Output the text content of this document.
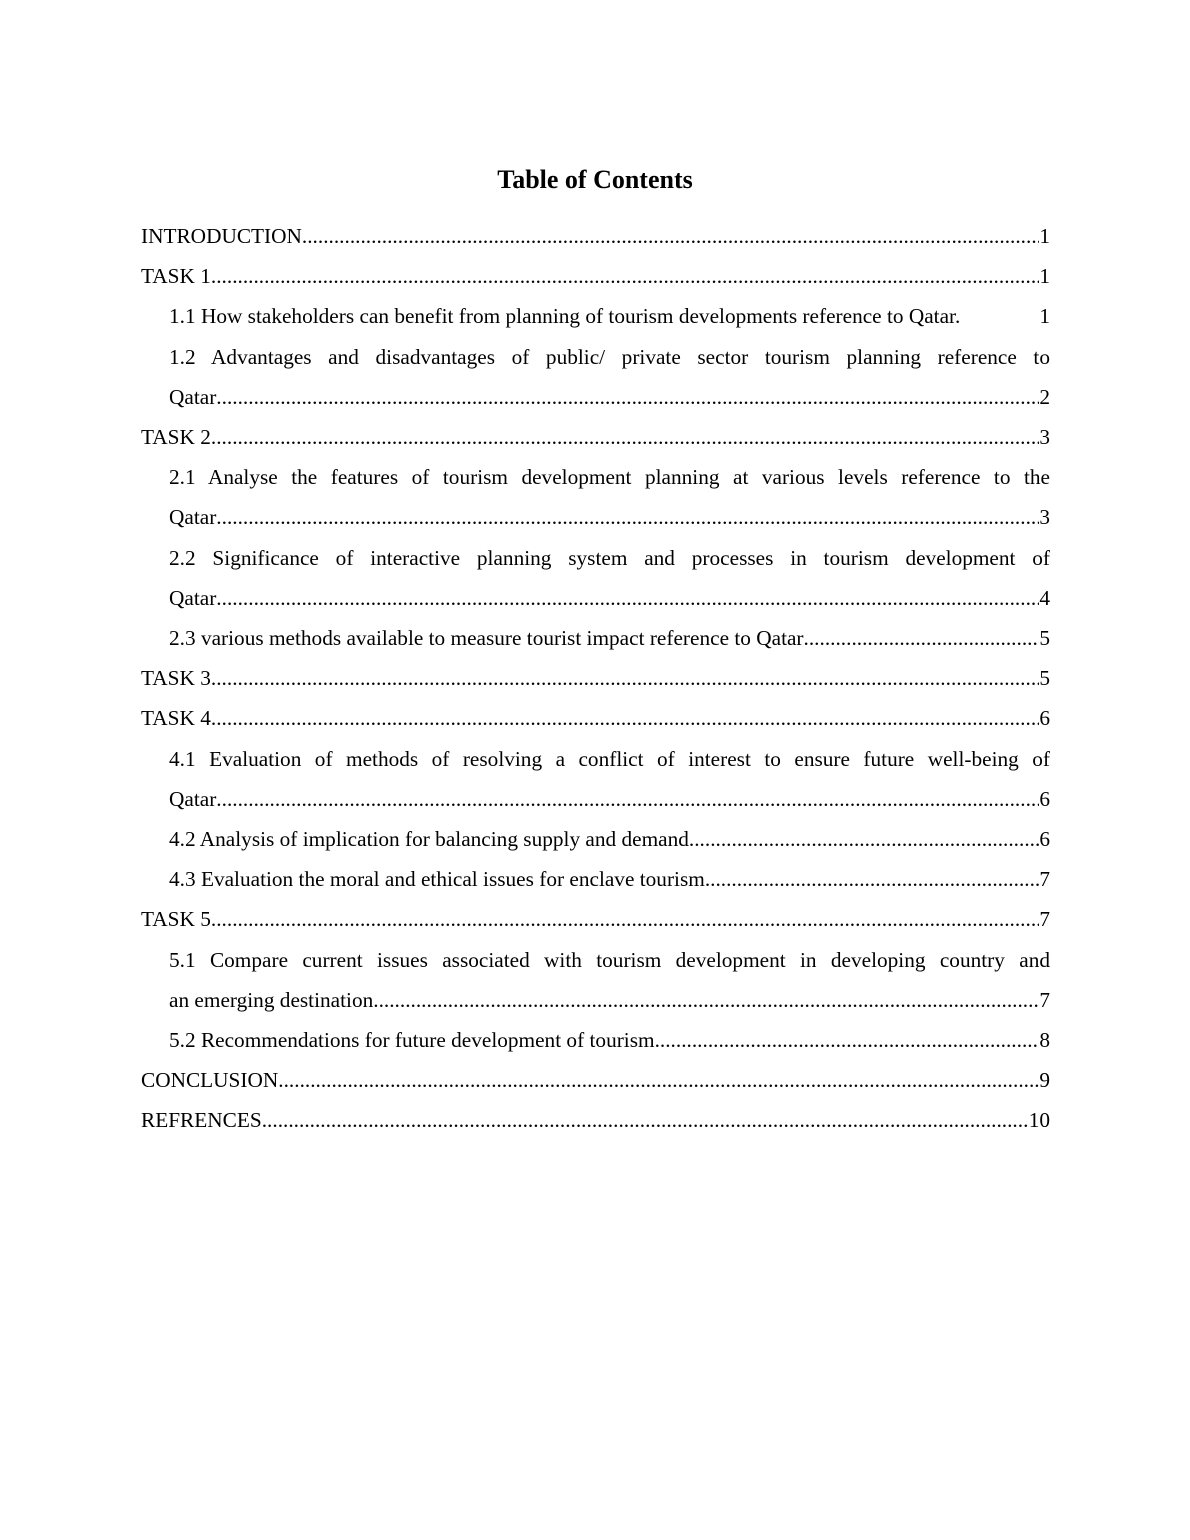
Table of Contents
INTRODUCTION .....	1
TASK 1 .....	1
1.1 How stakeholders can benefit from planning of tourism developments reference to Qatar.	1
1.2 Advantages and disadvantages of public/ private sector tourism planning reference to
Qatar .....	2
TASK 2 .....	3
2.1 Analyse the features of tourism development planning at various levels reference to the
Qatar .....	3
2.2 Significance of interactive planning system and processes in tourism development of
Qatar .....	4
2.3 various methods available to measure tourist impact reference to Qatar .....	5
TASK 3 .....	5
TASK 4 .....	6
4.1 Evaluation of methods of resolving a conflict of interest to ensure future well-being of
Qatar .....	6
4.2 Analysis of implication for balancing supply and demand .....	6
4.3 Evaluation the moral and ethical issues for enclave tourism .....	7
TASK 5 .....	7
5.1 Compare current issues associated with tourism development in developing country and
an emerging destination .....	7
5.2 Recommendations for future development of tourism .....	8
CONCLUSION .....	9
REFRENCES .....	10
